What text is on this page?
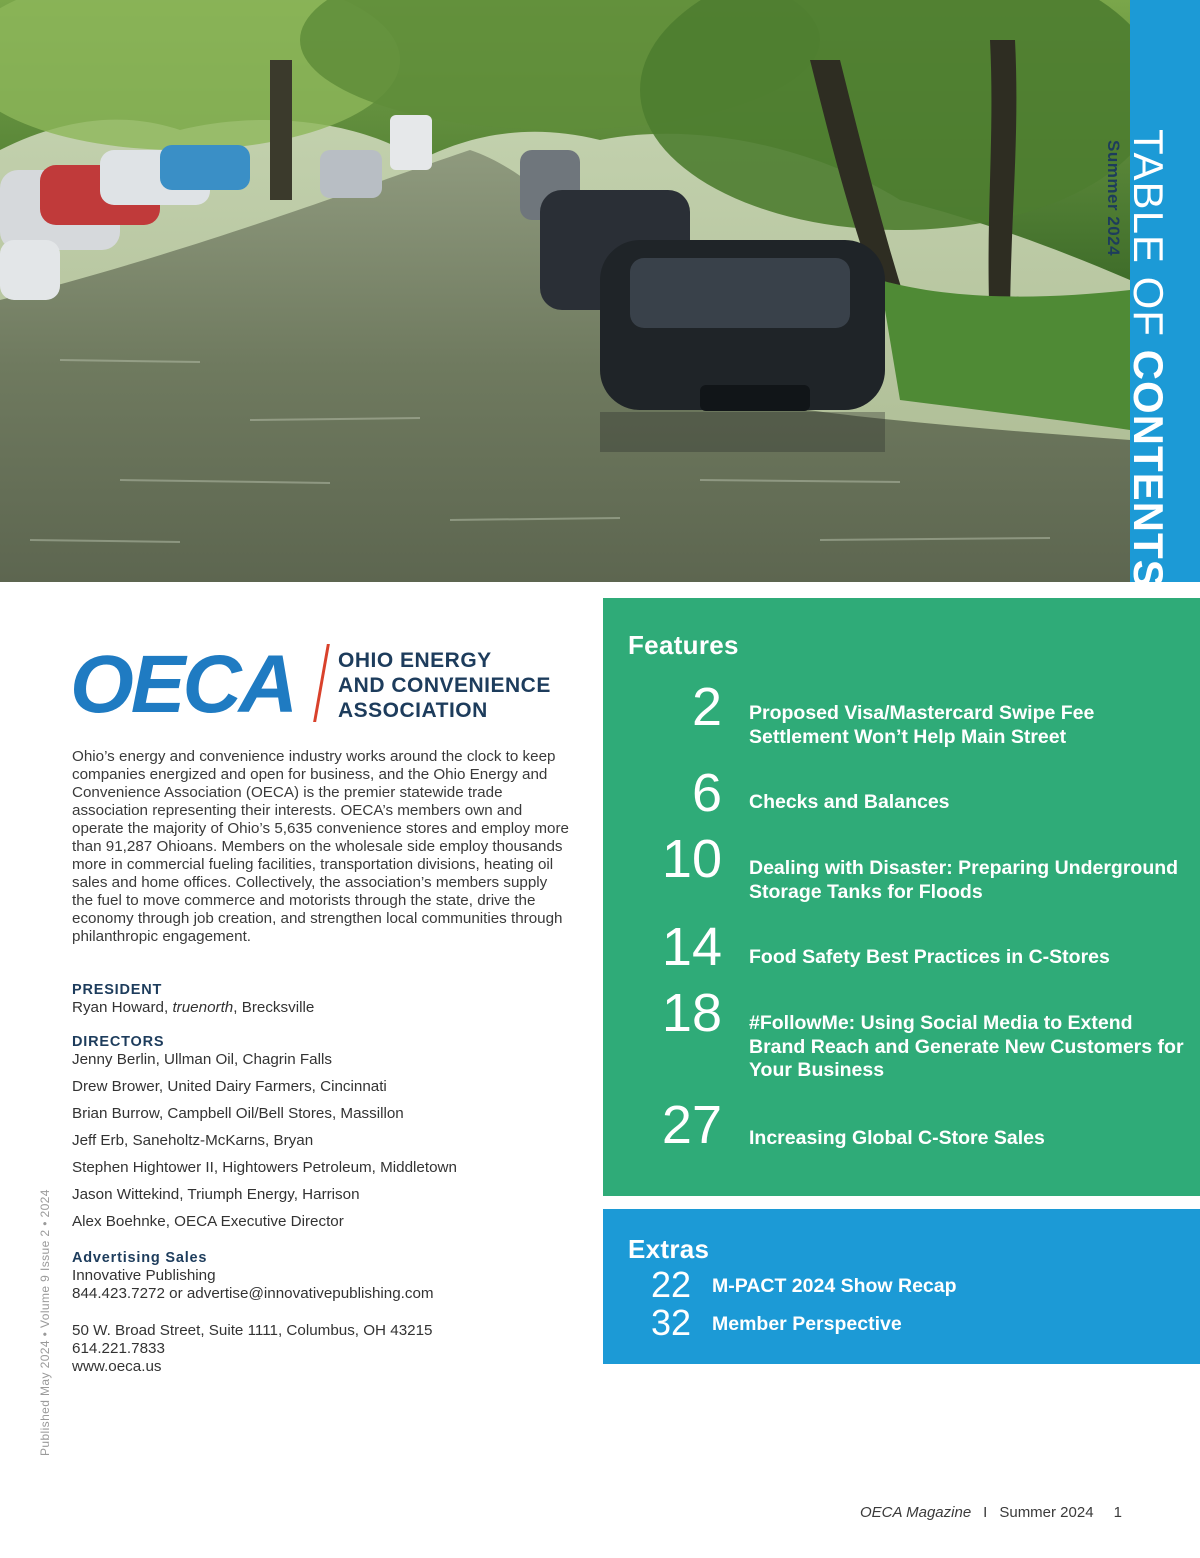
TABLE OF CONTENTS
Summer 2024
OECA OHIO ENERGY
AND CONVENIENCE
ASSOCIATION

Ohio’s energy and convenience industry works around the clock to keep companies energized and open for business, and the Ohio Energy and Convenience Association (OECA) is the premier statewide trade association representing their interests. OECA’s members own and operate the majority of Ohio’s 5,635 convenience stores and employ more than 91,287 Ohioans. Members on the wholesale side employ thousands more in commercial fueling facilities, transportation divisions, heating oil sales and home offices. Collectively, the association’s members supply the fuel to move commerce and motorists through the state, drive the economy through job creation, and strengthen local communities through philanthropic engagement.

PRESIDENT
Ryan Howard, truenorth, Brecksville
DIRECTORS
Jenny Berlin, Ullman Oil, Chagrin Falls
Drew Brower, United Dairy Farmers, Cincinnati
Brian Burrow, Campbell Oil/Bell Stores, Massillon
Jeff Erb, Saneholtz-McKarns, Bryan
Stephen Hightower II, Hightowers Petroleum, Middletown
Jason Wittekind, Triumph Energy, Harrison
Alex Boehnke, OECA Executive Director
Advertising Sales
Innovative Publishing
844.423.7272 or advertise@innovativepublishing.com
50 W. Broad Street, Suite 1111, Columbus, OH 43215
614.221.7833
www.oeca.us
Published May 2024 • Volume 9 Issue 2 • 2024
Features
2 Proposed Visa/Mastercard Swipe Fee Settlement Won’t Help Main Street
6 Checks and Balances
10 Dealing with Disaster: Preparing Underground Storage Tanks for Floods
14 Food Safety Best Practices in C-Stores
18 #FollowMe: Using Social Media to Extend Brand Reach and Generate New Customers for Your Business
27 Increasing Global C-Store Sales
Extras
22	M-PACT 2024 Show Recap
32	Member Perspective
OECA Magazine I Summer 2024 1
